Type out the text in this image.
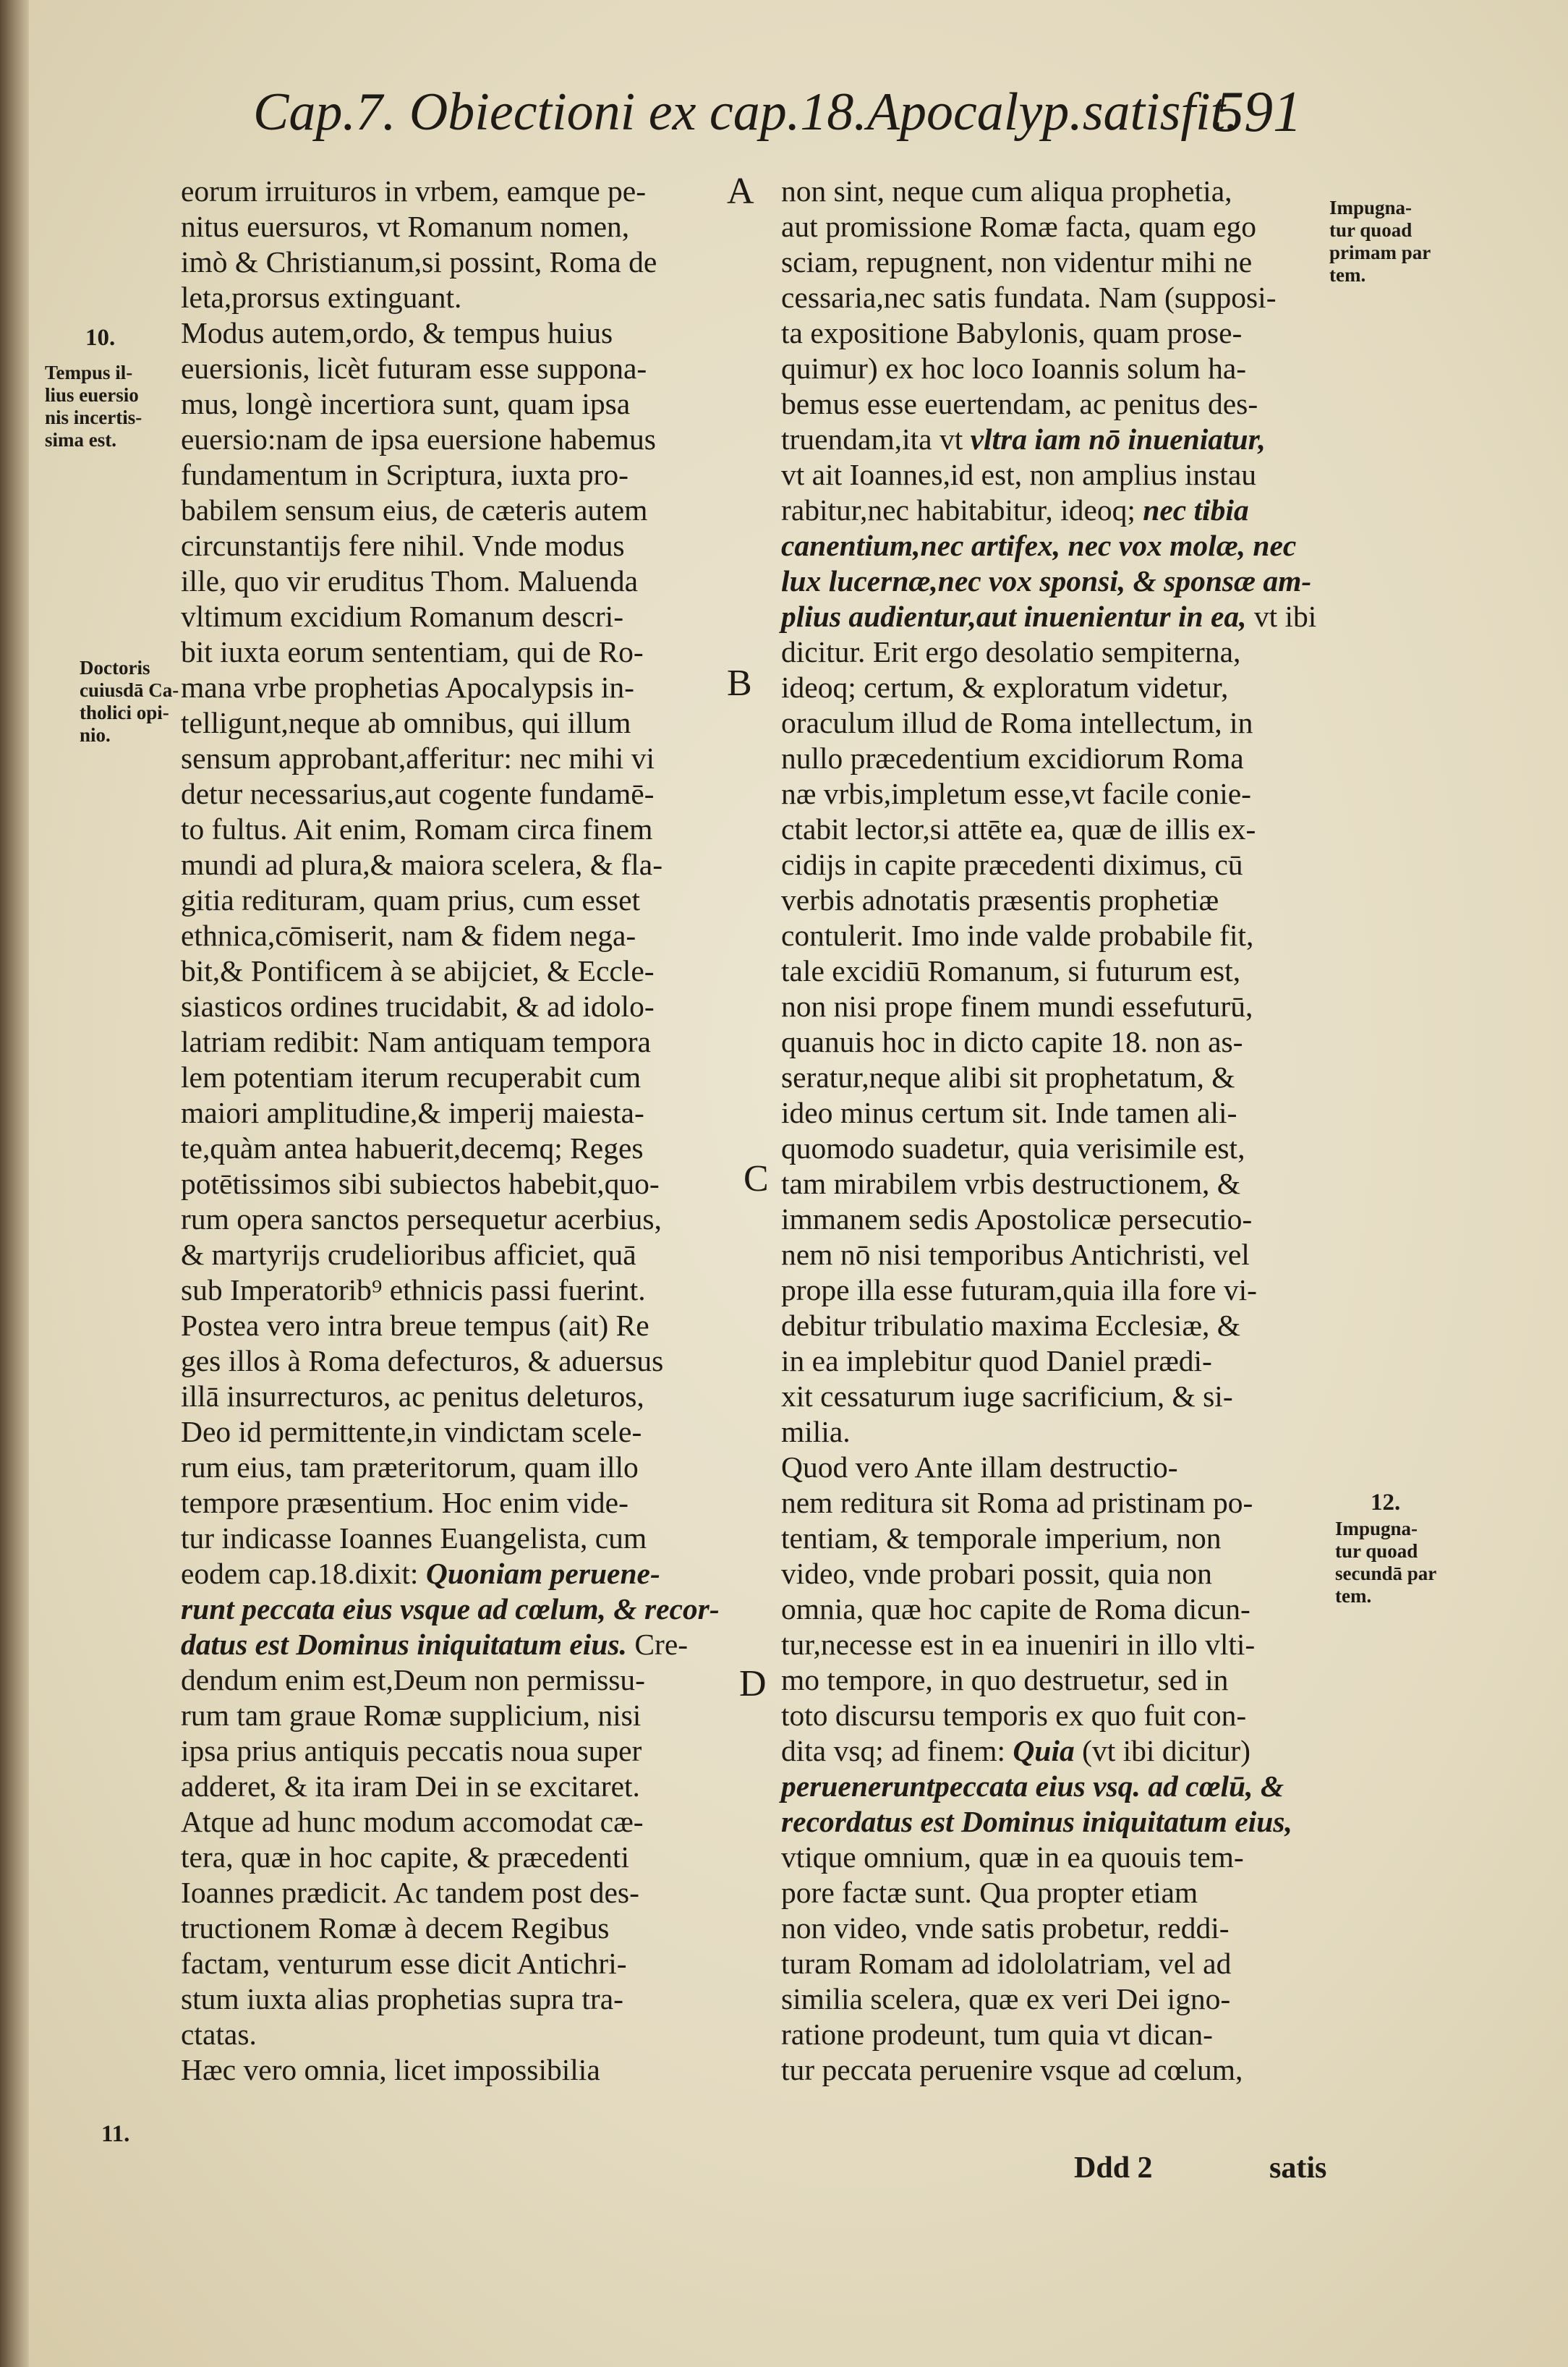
Cap.7. Obiectioni ex cap.18.Apocalyp.satisfit.
591
eorum irruituros in vrbem, eamque pe-
nitus euersuros, vt Romanum nomen,
imò & Christianum,si possint, Roma de
leta,prorsus extinguant.
Modus autem,ordo, & tempus huius
euersionis, licèt futuram esse suppona-
mus, longè incertiora sunt, quam ipsa
euersio:nam de ipsa euersione habemus
fundamentum in Scriptura, iuxta pro-
babilem sensum eius, de cæteris autem
circunstantijs fere nihil. Vnde modus
ille, quo vir eruditus Thom. Maluenda
vltimum excidium Romanum descri-
bit iuxta eorum sententiam, qui de Ro-
mana vrbe prophetias Apocalypsis in-
telligunt,neque ab omnibus, qui illum
sensum approbant,afferitur: nec mihi vi
detur necessarius,aut cogente fundamē-
to fultus. Ait enim, Romam circa finem
mundi ad plura,& maiora scelera, & fla-
gitia redituram, quam prius, cum esset
ethnica,cōmiserit, nam & fidem nega-
bit,& Pontificem à se abijciet, & Eccle-
siasticos ordines trucidabit, & ad idolo-
latriam redibit: Nam antiquam tempora
lem potentiam iterum recuperabit cum
maiori amplitudine,& imperij maiesta-
te,quàm antea habuerit,decemq; Reges
potētissimos sibi subiectos habebit,quo-
rum opera sanctos persequetur acerbius,
& martyrijs crudelioribus afficiet, quā
sub Imperatorib⁹ ethnicis passi fuerint.
Postea vero intra breue tempus (ait) Re
ges illos à Roma defecturos, & aduersus
illā insurrecturos, ac penitus deleturos,
Deo id permittente,in vindictam scele-
rum eius, tam præteritorum, quam illo
tempore præsentium. Hoc enim vide-
tur indicasse Ioannes Euangelista, cum
eodem cap.18.dixit: Quoniam peruene-
runt peccata eius vsque ad cœlum, & recor-
datus est Dominus iniquitatum eius. Cre-
dendum enim est,Deum non permissu-
rum tam graue Romæ supplicium, nisi
ipsa prius antiquis peccatis noua super
adderet, & ita iram Dei in se excitaret.
Atque ad hunc modum accomodat cæ-
tera, quæ in hoc capite, & præcedenti
Ioannes prædicit. Ac tandem post des-
tructionem Romæ à decem Regibus
factam, venturum esse dicit Antichri-
stum iuxta alias prophetias supra tra-
ctatas.
Hæc vero omnia, licet impossibilia
non sint, neque cum aliqua prophetia,
aut promissione Romæ facta, quam ego
sciam, repugnent, non videntur mihi ne
cessaria,nec satis fundata. Nam (supposi-
ta expositione Babylonis, quam prose-
quimur) ex hoc loco Ioannis solum ha-
bemus esse euertendam, ac penitus des-
truendam,ita vt vltra iam nō inueniatur,
vt ait Ioannes,id est, non amplius instau
rabitur,nec habitabitur, ideoq; nec tibia
canentium,nec artifex, nec vox molæ, nec
lux lucernæ,nec vox sponsi, & sponsæ am-
plius audientur,aut inuenientur in ea, vt ibi
dicitur. Erit ergo desolatio sempiterna,
ideoq; certum, & exploratum videtur,
oraculum illud de Roma intellectum, in
nullo præcedentium excidiorum Roma
næ vrbis,impletum esse,vt facile conie-
ctabit lector,si attēte ea, quæ de illis ex-
cidijs in capite præcedenti diximus, cū
verbis adnotatis præsentis prophetiæ
contulerit. Imo inde valde probabile fit,
tale excidiū Romanum, si futurum est,
non nisi prope finem mundi essefuturū,
quanuis hoc in dicto capite 18. non as-
seratur,neque alibi sit prophetatum, &
ideo minus certum sit. Inde tamen ali-
quomodo suadetur, quia verisimile est,
tam mirabilem vrbis destructionem, &
immanem sedis Apostolicæ persecutio-
nem nō nisi temporibus Antichristi, vel
prope illa esse futuram,quia illa fore vi-
debitur tribulatio maxima Ecclesiæ, &
in ea implebitur quod Daniel prædi-
xit cessaturum iuge sacrificium, & si-
milia.
Quod vero Ante illam destructio-
nem reditura sit Roma ad pristinam po-
tentiam, & temporale imperium, non
video, vnde probari possit, quia non
omnia, quæ hoc capite de Roma dicun-
tur,necesse est in ea inueniri in illo vlti-
mo tempore, in quo destruetur, sed in
toto discursu temporis ex quo fuit con-
dita vsq; ad finem: Quia (vt ibi dicitur)
perueneruntpeccata eius vsq. ad cœlū, &
recordatus est Dominus iniquitatum eius,
vtique omnium, quæ in ea quouis tem-
pore factæ sunt. Qua propter etiam
non video, vnde satis probetur, reddi-
turam Romam ad idololatriam, vel ad
similia scelera, quæ ex veri Dei igno-
ratione prodeunt, tum quia vt dican-
tur peccata peruenire vsque ad cœlum,
A
B
C
D
10.
Tempus il-
lius euersio
nis incertis-
sima est.
Doctoris
cuiusdā Ca-
tholici opi-
nio.
11.
Impugna-
tur quoad
primam par
tem.
12.
Impugna-
tur quoad
secundā par
tem.
Ddd 2	satis
